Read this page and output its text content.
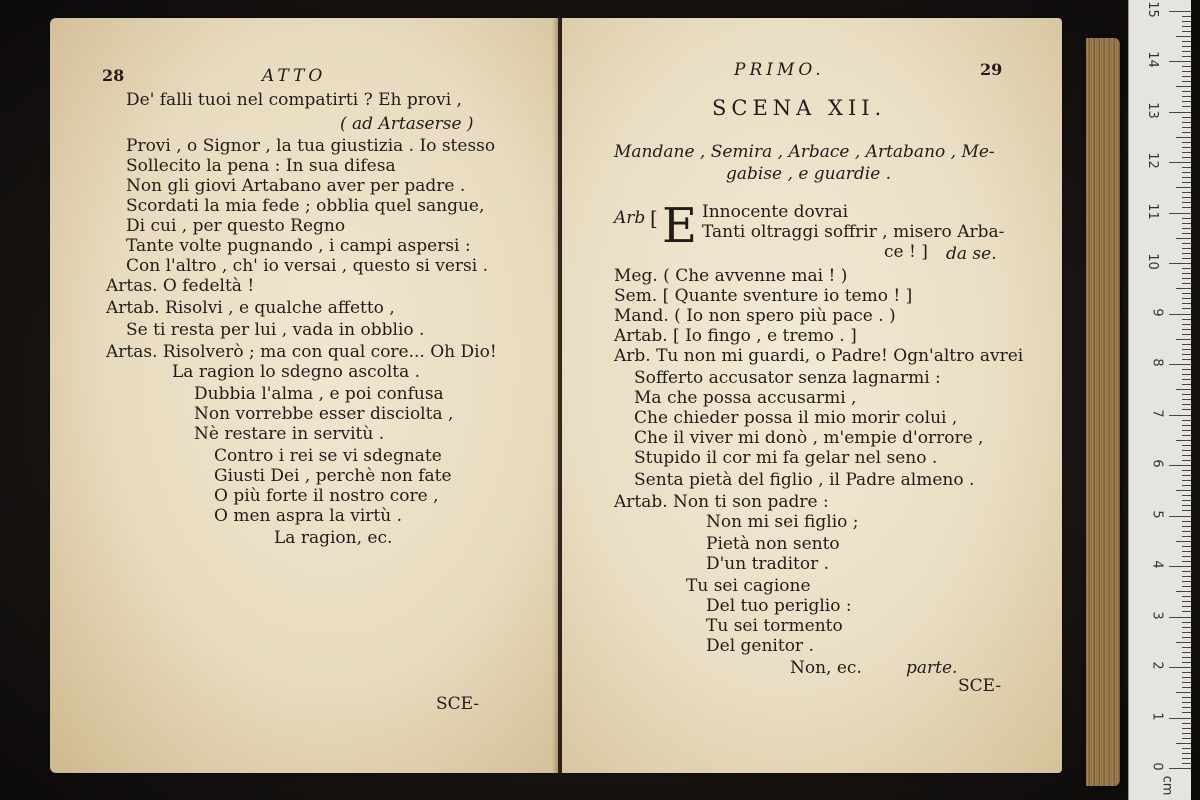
28	ATTO
De' falli tuoi nel compatirti ? Eh provi ,
( ad Artaserse )
Provi , o Signor , la tua giustizia . Io stesso
Sollecito la pena : In sua difesa
Non gli giovi Artabano aver per padre .
Scordati la mia fede ; obblia quel sangue,
Di cui , per questo Regno
Tante volte pugnando , i campi aspersi :
Con l'altro , ch' io versai , questo si versi .
Artas. O fedeltà !
Artab. Risolvi , e qualche affetto ,
Se ti resta per lui , vada in obblio .
Artas. Risolverò ; ma con qual core... Oh Dio!
La ragion lo sdegno ascolta .
Dubbia l'alma , e poi confusa
Non vorrebbe esser disciolta ,
Nè restare in servitù .
Contro i rei se vi sdegnate
Giusti Dei , perchè non fate
O più forte il nostro core ,
O men aspra la virtù .
La ragion, ec.
SCE-
PRIMO.	29
SCENA XII.
Mandane , Semira , Arbace , Artabano , Me-
gabise , e guardie .
Arb [ E Innocente dovrai
Tanti oltraggi soffrir , misero Arba-
ce ! ] da se.
Meg. ( Che avvenne mai ! )
Sem. [ Quante sventure io temo ! ]
Mand. ( Io non spero più pace . )
Artab. [ Io fingo , e tremo . ]
Arb. Tu non mi guardi, o Padre! Ogn'altro avrei
Sofferto accusator senza lagnarmi :
Ma che possa accusarmi ,
Che chieder possa il mio morir colui ,
Che il viver mi donò , m'empie d'orrore ,
Stupido il cor mi fa gelar nel seno .
Senta pietà del figlio , il Padre almeno .
Artab. Non ti son padre :
Non mi sei figlio ;
Pietà non sento
D'un traditor .
Tu sei cagione
Del tuo periglio :
Tu sei tormento
Del genitor .
Non, ec.	parte.
SCE-
0
1
2
3
4
5
6
7
8
9
10
11
12
13
14
15
cm
